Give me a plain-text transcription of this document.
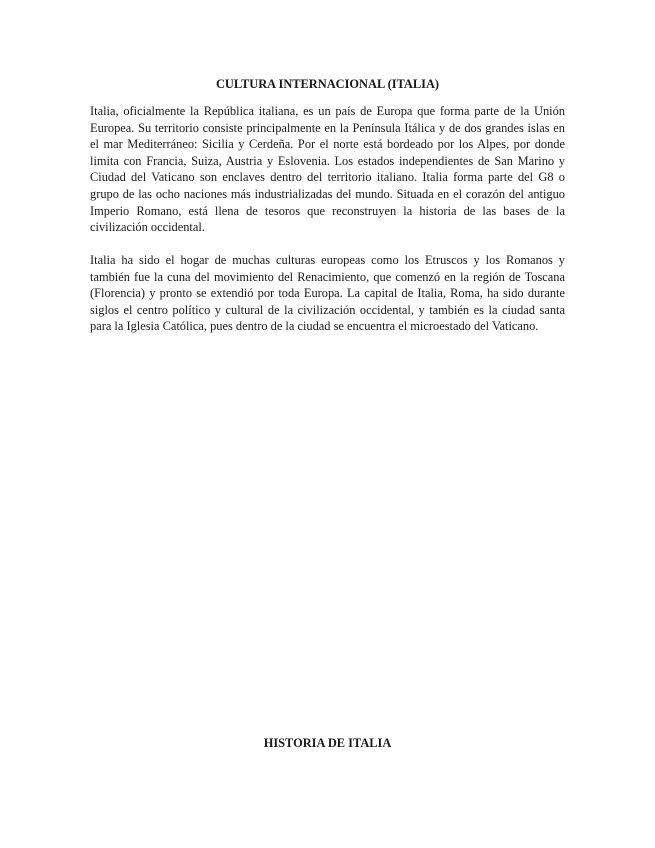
CULTURA INTERNACIONAL (ITALIA)

Italia, oficialmente la República italiana, es un país de Europa que forma parte de la Unión Europea. Su territorio consiste principalmente en la Península Itálica y de dos grandes islas en el mar Mediterráneo: Sicilia y Cerdeña. Por el norte está bordeado por los Alpes, por donde limita con Francia, Suiza, Austria y Eslovenia. Los estados independientes de San Marino y Ciudad del Vaticano son enclaves dentro del territorio italiano. Italia forma parte del G8 o grupo de las ocho naciones más industrializadas del mundo. Situada en el corazón del antiguo Imperio Romano, está llena de tesoros que reconstruyen la historia de las bases de la civilización occidental.

Italia ha sido el hogar de muchas culturas europeas como los Etruscos y los Romanos y también fue la cuna del movimiento del Renacimiento, que comenzó en la región de Toscana (Florencia) y pronto se extendió por toda Europa. La capital de Italia, Roma, ha sido durante siglos el centro político y cultural de la civilización occidental, y también es la ciudad santa para la Iglesia Católica, pues dentro de la ciudad se encuentra el microestado del Vaticano.

HISTORIA DE ITALIA
